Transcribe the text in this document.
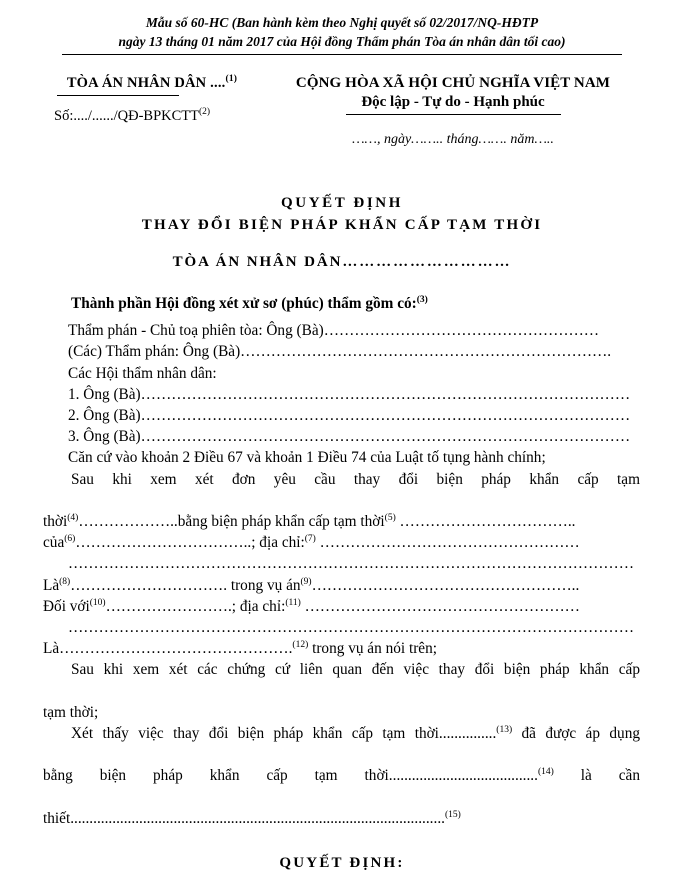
Mẫu số 60-HC (Ban hành kèm theo Nghị quyết số 02/2017/NQ-HĐTP
ngày 13 tháng 01 năm 2017 của Hội đồng Thẩm phán Tòa án nhân dân tối cao)
TÒA ÁN NHÂN DÂN ....$^{(1)}$
Số:..../....../QĐ-BPKCTT$^{(2)}$
CỘNG HÒA XÃ HỘI CHỦ NGHĨA VIỆT NAM
Độc lập - Tự do - Hạnh phúc
……, ngày…….. tháng……. năm…..
QUYẾT ĐỊNH
THAY ĐỔI BIỆN PHÁP KHẨN CẤP TẠM THỜI
TÒA ÁN NHÂN DÂN…………………………
Thành phần Hội đồng xét xử sơ (phúc) thẩm gồm có:$^{(3)}$
Thẩm phán - Chủ toạ phiên tòa: Ông (Bà)………………………………………………
(Các) Thẩm phán: Ông (Bà)……………………………………………………………….
Các Hội thẩm nhân dân:
1. Ông (Bà)……………………………………………………………………………………
2. Ông (Bà)……………………………………………………………………………………
3. Ông (Bà)……………………………………………………………………………………
Căn cứ vào khoản 2 Điều 67 và khoản 1 Điều 74 của Luật tố tụng hành chính;
Sau khi xem xét đơn yêu cầu thay đổi biện pháp khẩn cấp tạm
thời$^{(4)}$………………..bằng biện pháp khẩn cấp tạm thời$^{(5)}$ ……………………………..
của$^{(6)}$……………………………..; địa chỉ:$^{(7)}$ ……………………………………………
…………………………………………………………………………………………………
$Là^{(8)}\dots\dots\dots\dots\dots\dots\dots\dots\dots\dots$. trong vụ $án^{(9)}\dots\dots\dots\dots\dots\dots\dots\dots\dots\dots\dots\dots\dots\dots\dots\dots\dots$..
Đối với$^{(10)}$…………………….; địa chỉ:$^{(11)}$ ………………………………………………
…………………………………………………………………………………………………
Là……………………………………….$^{(12)}$ trong vụ án nói trên;
Sau khi xem xét các chứng cứ liên quan đến việc thay đổi biện pháp khẩn cấp
tạm thời;
Xét thấy việc thay đổi biện pháp khẩn cấp tạm thời...............$^{(13)}$ đã được áp dụng
bằng biện pháp khẩn cấp tạm thời.......................................$^{(14)}$ là cần
thiết..................................................................................................$^{(15)}$
QUYẾT ĐỊNH:
